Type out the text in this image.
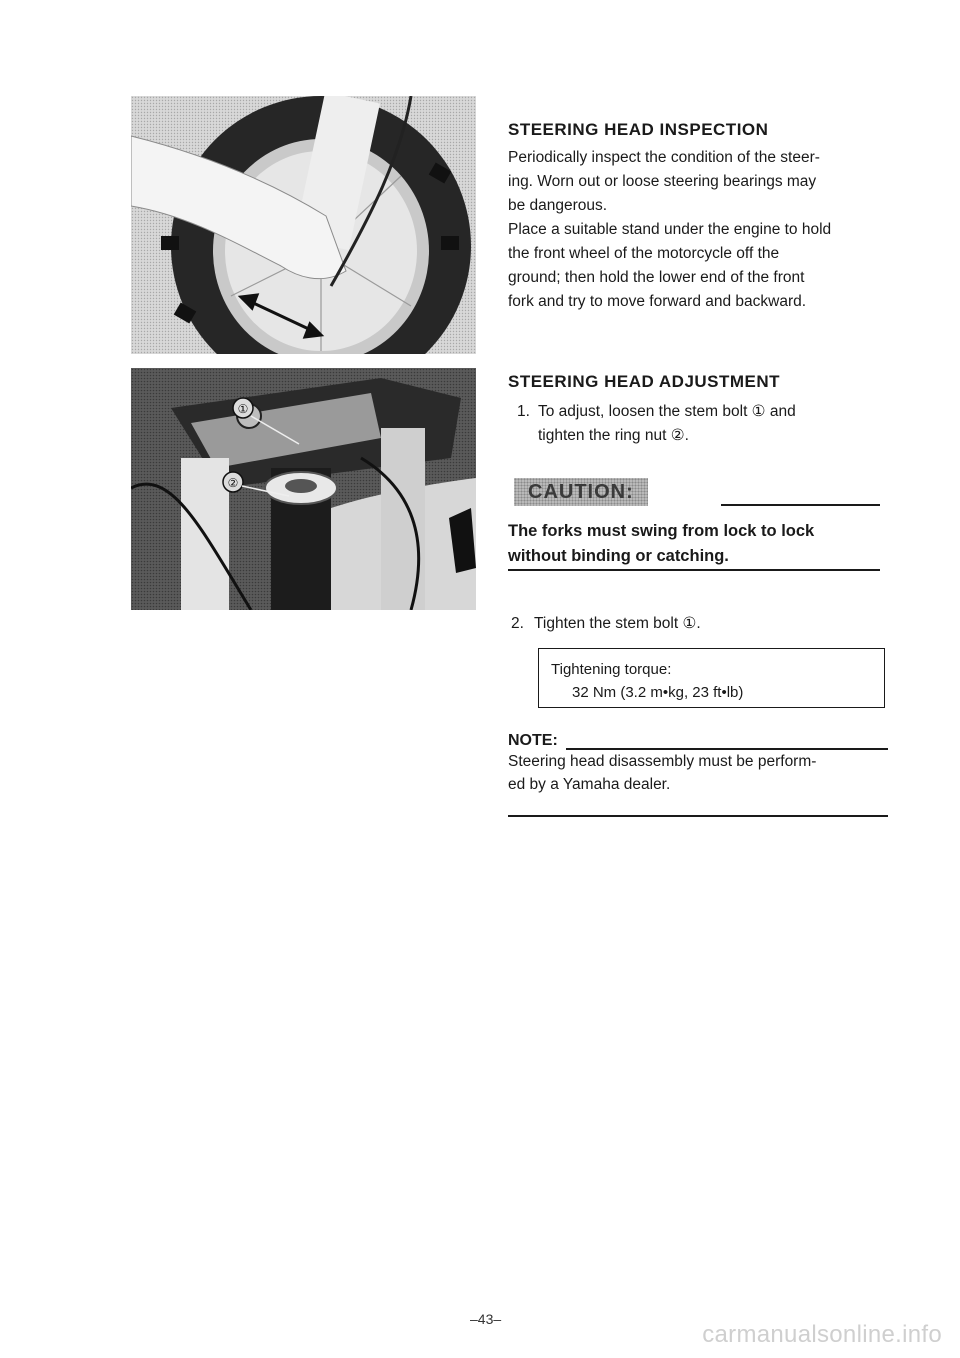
①
②
STEERING HEAD INSPECTION

Periodically inspect the condition of the steer-

ing. Worn out or loose steering bearings may

be dangerous.

Place a suitable stand under the engine to hold

the front wheel of the motorcycle off the

ground; then hold the lower end of the front

fork and try to move forward and backward.

STEERING HEAD ADJUSTMENT
1. To adjust, loosen the stem bolt ① and
tighten the ring nut ②.
CAUTION:
The forks must swing from lock to lock
without binding or catching.
2. Tighten the stem bolt ①.
Tightening torque:
32 Nm (3.2 m•kg, 23 ft•lb)
NOTE:
Steering head disassembly must be perform-
ed by a Yamaha dealer.
–43–
carmanualsonline.info
